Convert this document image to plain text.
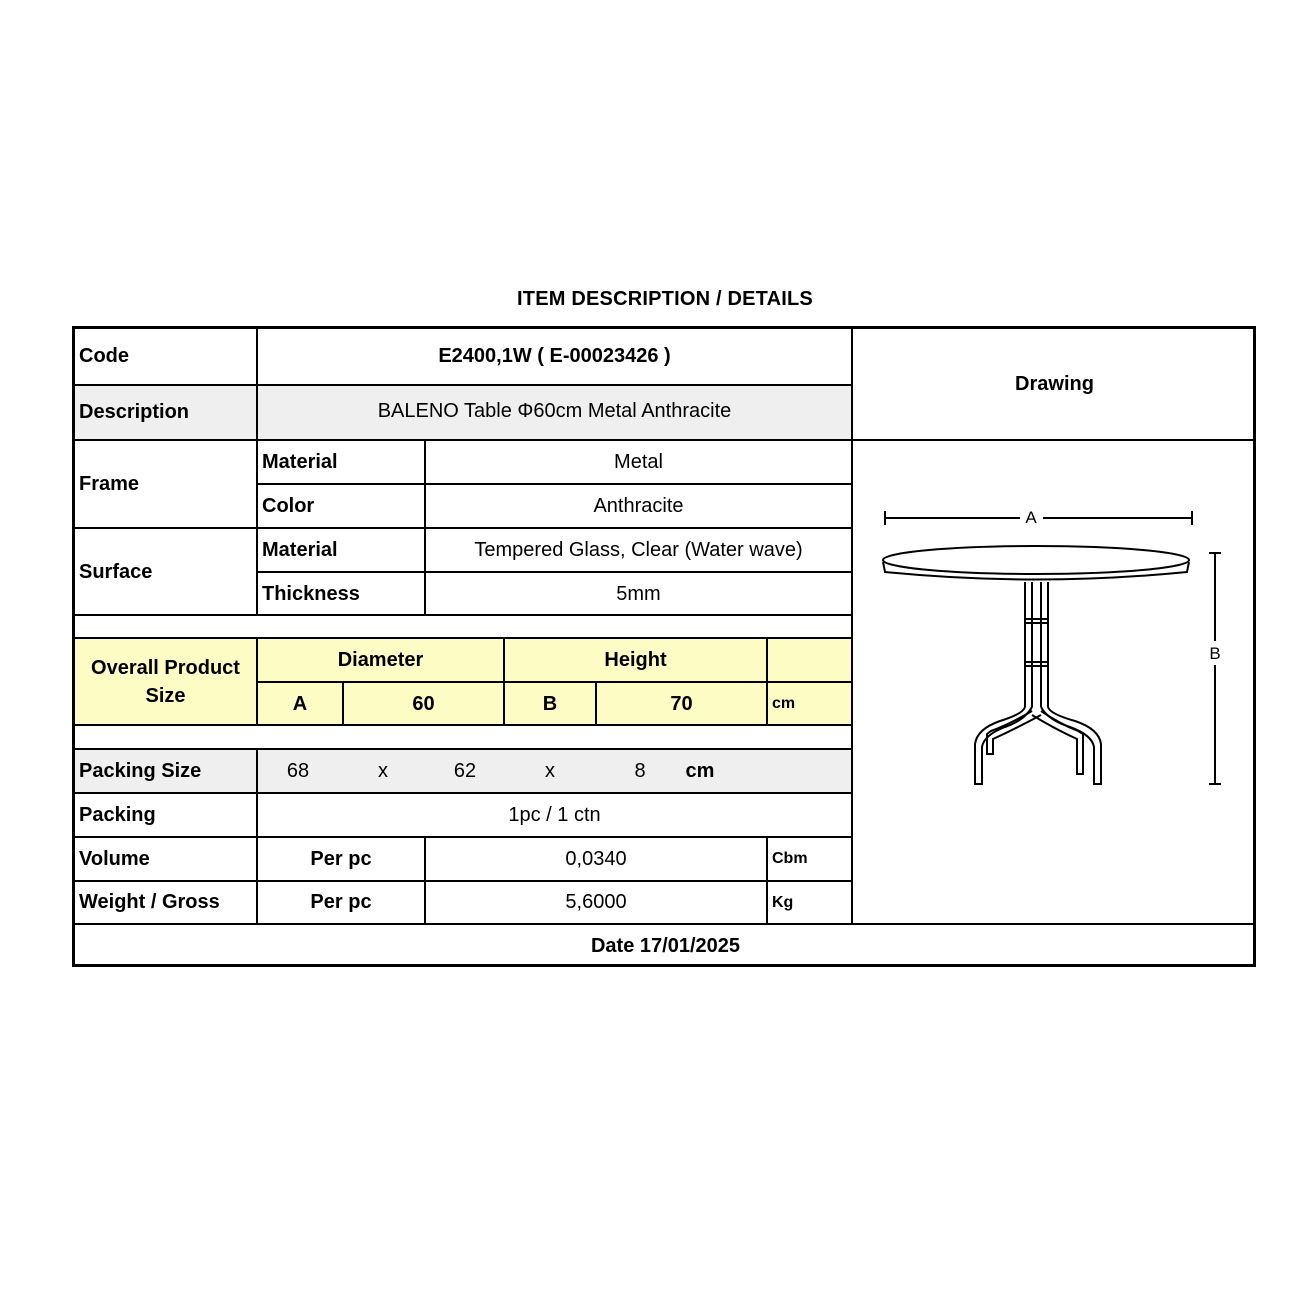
ITEM DESCRIPTION / DETAILS
Code	E2400,1W ( E-00023426 )
Description	BALENO Table Φ60cm Metal Anthracite
Drawing
Frame
Material	Metal
Color	Anthracite
Surface
Material	Tempered Glass, Clear (Water wave)
Thickness	5mm
Overall Product Size
Diameter	Height
A	60	B	70	cm
Packing Size	68	x	62	x	8	cm
Packing	1pc / 1 ctn
Volume	Per pc	0,0340	Cbm
Weight / Gross	Per pc	5,6000	Kg
Date 17/01/2025
A
B
